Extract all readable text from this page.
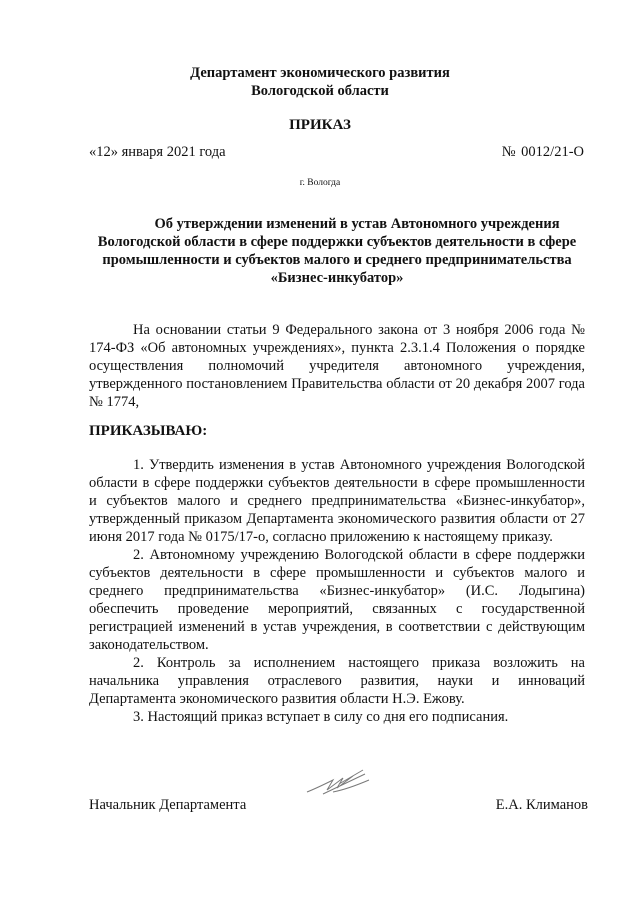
Департамент экономического развития
Вологодской области
ПРИКАЗ
«12» января 2021 года	№ 0012/21-О
г. Вологда
Об утверждении изменений в устав Автономного учреждения
Вологодской области в сфере поддержки субъектов деятельности в сфере
промышленности и субъектов малого и среднего предпринимательства
«Бизнес-инкубатор»

На основании статьи 9 Федерального закона от 3 ноября 2006 года № 174-ФЗ «Об автономных учреждениях», пункта 2.3.1.4 Положения о порядке осуществления полномочий учредителя автономного учреждения, утвержденного постановлением Правительства области от 20 декабря 2007 года № 1774,

ПРИКАЗЫВАЮ:

1. Утвердить изменения в устав Автономного учреждения Вологодской области в сфере поддержки субъектов деятельности в сфере промышленности и субъектов малого и среднего предпринимательства «Бизнес-инкубатор», утвержденный приказом Департамента экономического развития области от 27 июня 2017 года № 0175/17-о, согласно приложению к настоящему приказу.

2. Автономному учреждению Вологодской области в сфере поддержки субъектов деятельности в сфере промышленности и субъектов малого и среднего предпринимательства «Бизнес-инкубатор» (И.С. Лодыгина) обеспечить проведение мероприятий, связанных с государственной регистрацией изменений в устав учреждения, в соответствии с действующим законодательством.

2. Контроль за исполнением настоящего приказа возложить на начальника управления отраслевого развития, науки и инноваций Департамента экономического развития области Н.Э. Ежову.

3. Настоящий приказ вступает в силу со дня его подписания.

Начальник Департамента	Е.А. Климанов
